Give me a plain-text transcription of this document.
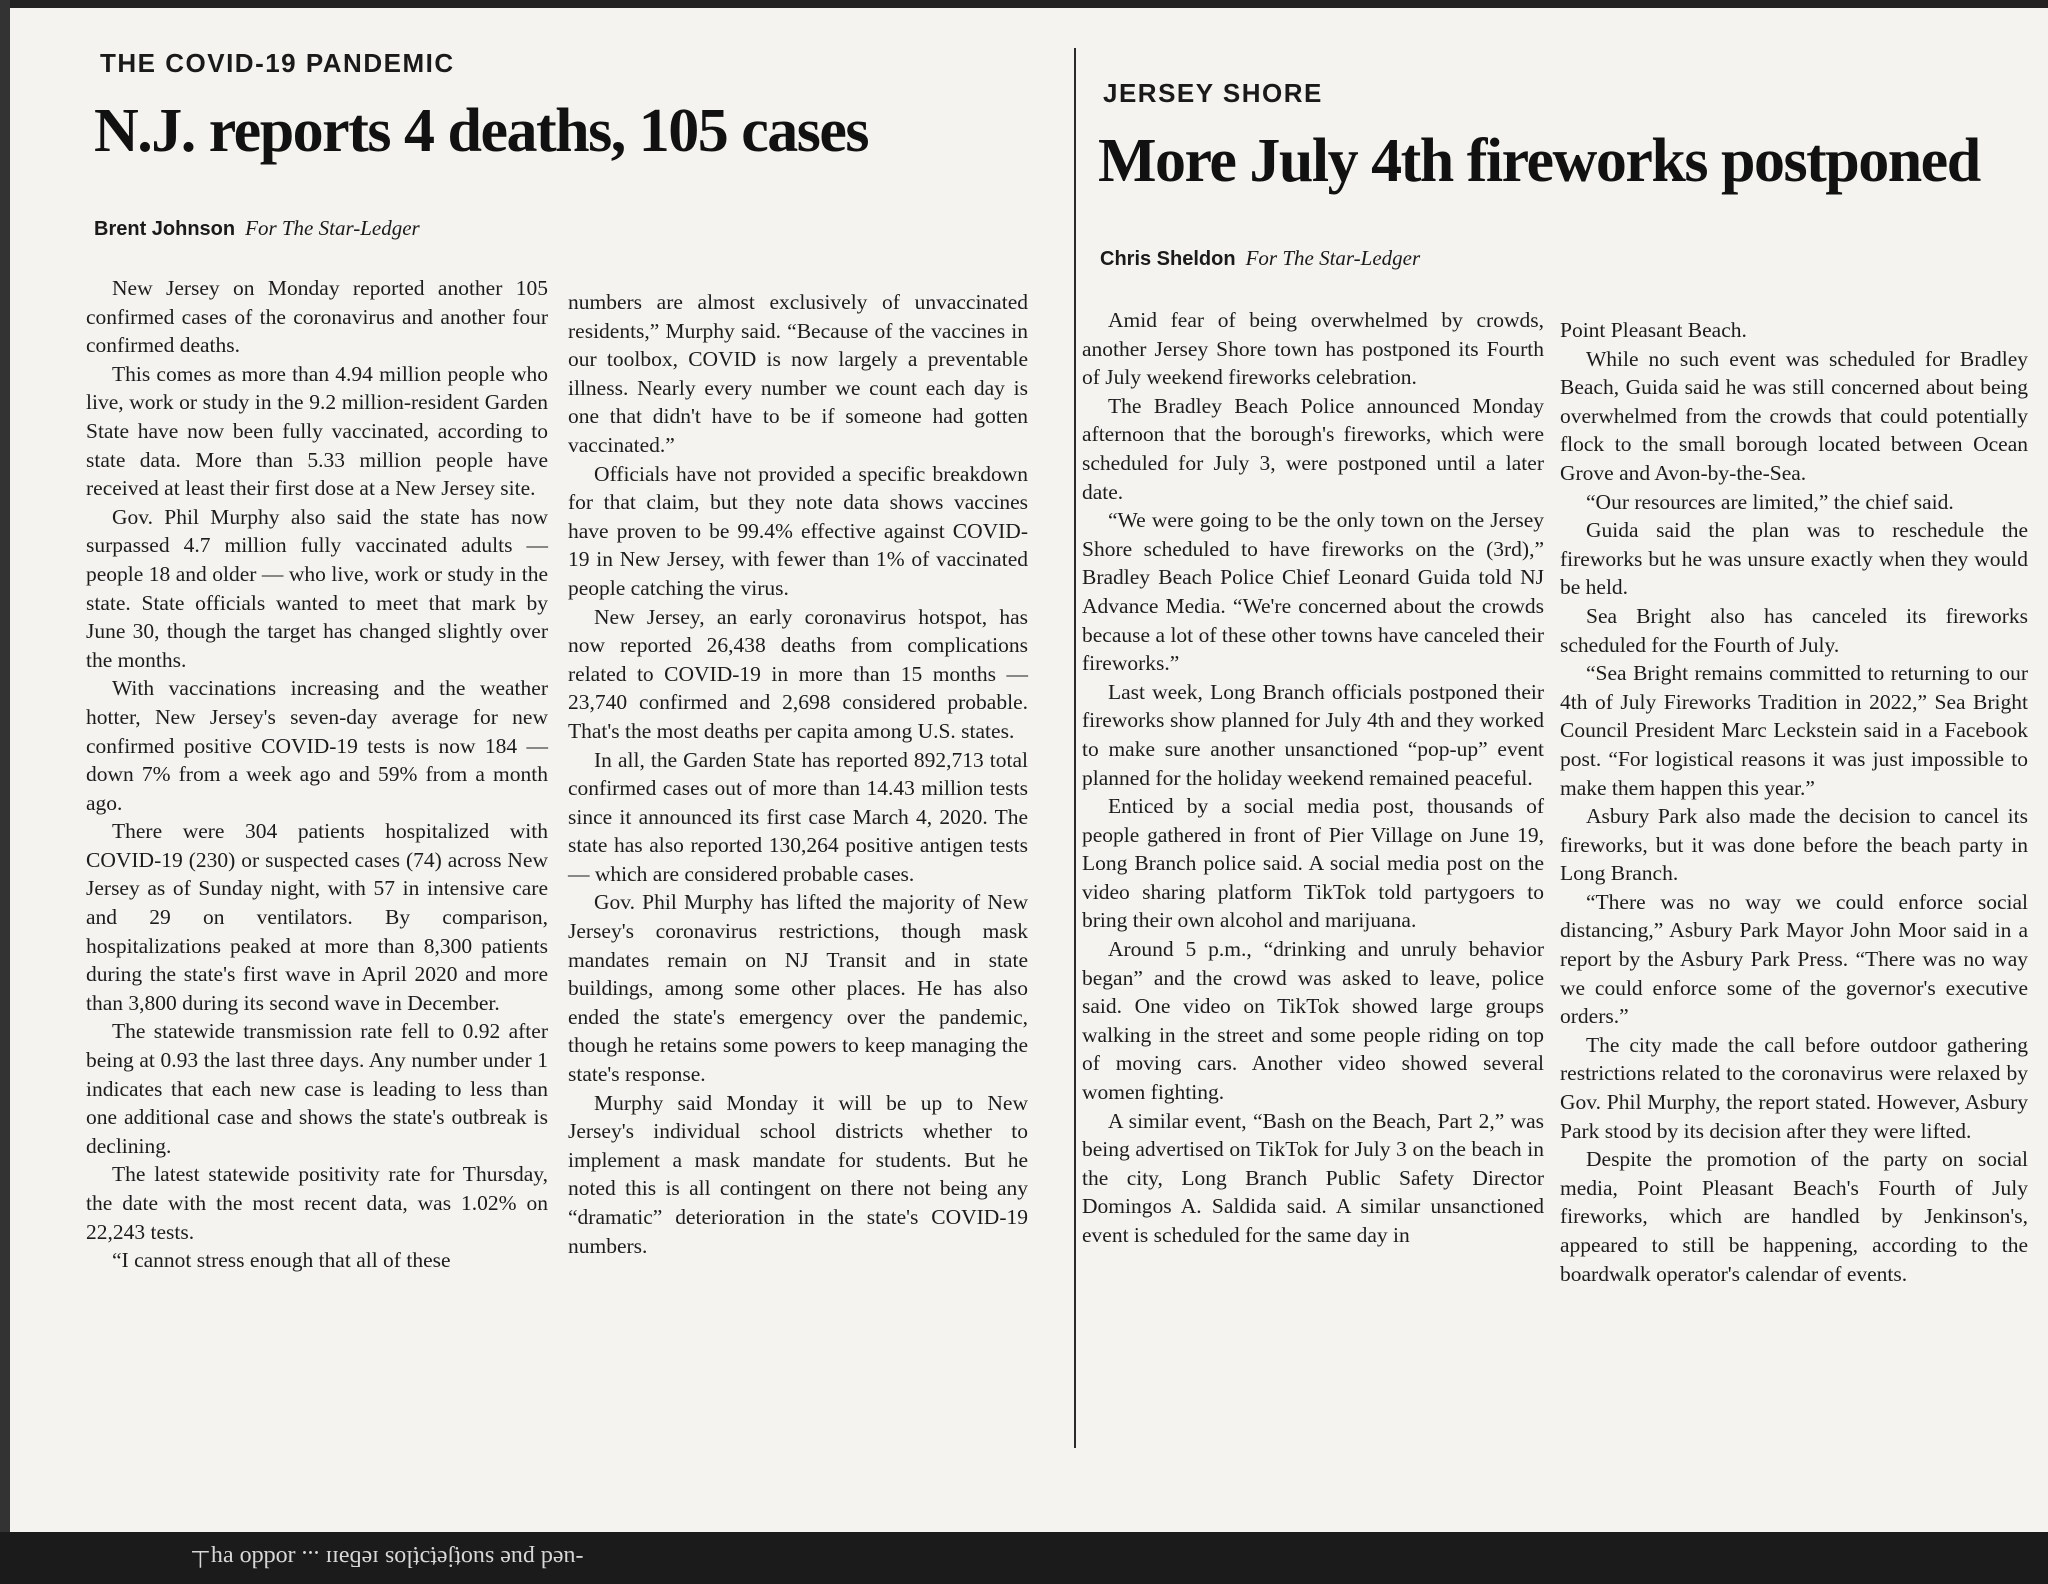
THE COVID-19 PANDEMIC
N.J. reports 4 deaths, 105 cases
Brent Johnson For The Star-Ledger

New Jersey on Monday reported another 105 confirmed cases of the coronavirus and another four confirmed deaths.

This comes as more than 4.94 million people who live, work or study in the 9.2 million-resident Garden State have now been fully vaccinated, according to state data. More than 5.33 million people have received at least their first dose at a New Jersey site.

Gov. Phil Murphy also said the state has now surpassed 4.7 million fully vaccinated adults — people 18 and older — who live, work or study in the state. State officials wanted to meet that mark by June 30, though the target has changed slightly over the months.

With vaccinations increasing and the weather hotter, New Jersey's seven-day average for new confirmed positive COVID-19 tests is now 184 — down 7% from a week ago and 59% from a month ago.

There were 304 patients hospitalized with COVID-19 (230) or suspected cases (74) across New Jersey as of Sunday night, with 57 in intensive care and 29 on ventilators. By comparison, hospitalizations peaked at more than 8,300 patients during the state's first wave in April 2020 and more than 3,800 during its second wave in December.

The statewide transmission rate fell to 0.92 after being at 0.93 the last three days. Any number under 1 indicates that each new case is leading to less than one additional case and shows the state's outbreak is declining.

The latest statewide positivity rate for Thursday, the date with the most recent data, was 1.02% on 22,243 tests.

“I cannot stress enough that all of these

numbers are almost exclusively of unvaccinated residents,” Murphy said. “Because of the vaccines in our toolbox, COVID is now largely a preventable illness. Nearly every number we count each day is one that didn't have to be if someone had gotten vaccinated.”

Officials have not provided a specific breakdown for that claim, but they note data shows vaccines have proven to be 99.4% effective against COVID-19 in New Jersey, with fewer than 1% of vaccinated people catching the virus.

New Jersey, an early coronavirus hotspot, has now reported 26,438 deaths from complications related to COVID-19 in more than 15 months — 23,740 confirmed and 2,698 considered probable. That's the most deaths per capita among U.S. states.

In all, the Garden State has reported 892,713 total confirmed cases out of more than 14.43 million tests since it announced its first case March 4, 2020. The state has also reported 130,264 positive antigen tests — which are considered probable cases.

Gov. Phil Murphy has lifted the majority of New Jersey's coronavirus restrictions, though mask mandates remain on NJ Transit and in state buildings, among some other places. He has also ended the state's emergency over the pandemic, though he retains some powers to keep managing the state's response.

Murphy said Monday it will be up to New Jersey's individual school districts whether to implement a mask mandate for students. But he noted this is all contingent on there not being any “dramatic” deterioration in the state's COVID-19 numbers.

JERSEY SHORE
More July 4th fireworks postponed
Chris Sheldon For The Star-Ledger

Amid fear of being overwhelmed by crowds, another Jersey Shore town has postponed its Fourth of July weekend fireworks celebration.

The Bradley Beach Police announced Monday afternoon that the borough's fireworks, which were scheduled for July 3, were postponed until a later date.

“We were going to be the only town on the Jersey Shore scheduled to have fireworks on the (3rd),” Bradley Beach Police Chief Leonard Guida told NJ Advance Media. “We're concerned about the crowds because a lot of these other towns have canceled their fireworks.”

Last week, Long Branch officials postponed their fireworks show planned for July 4th and they worked to make sure another unsanctioned “pop-up” event planned for the holiday weekend remained peaceful.

Enticed by a social media post, thousands of people gathered in front of Pier Village on June 19, Long Branch police said. A social media post on the video sharing platform TikTok told partygoers to bring their own alcohol and marijuana.

Around 5 p.m., “drinking and unruly behavior began” and the crowd was asked to leave, police said. One video on TikTok showed large groups walking in the street and some people riding on top of moving cars. Another video showed several women fighting.

A similar event, “Bash on the Beach, Part 2,” was being advertised on TikTok for July 3 on the beach in the city, Long Branch Public Safety Director Domingos A. Saldida said. A similar unsanctioned event is scheduled for the same day in

Point Pleasant Beach.

While no such event was scheduled for Bradley Beach, Guida said he was still concerned about being overwhelmed from the crowds that could potentially flock to the small borough located between Ocean Grove and Avon-by-the-Sea.

“Our resources are limited,” the chief said.

Guida said the plan was to reschedule the fireworks but he was unsure exactly when they would be held.

Sea Bright also has canceled its fireworks scheduled for the Fourth of July.

“Sea Bright remains committed to returning to our 4th of July Fireworks Tradition in 2022,” Sea Bright Council President Marc Leckstein said in a Facebook post. “For logistical reasons it was just impossible to make them happen this year.”

Asbury Park also made the decision to cancel its fireworks, but it was done before the beach party in Long Branch.

“There was no way we could enforce social distancing,” Asbury Park Mayor John Moor said in a report by the Asbury Park Press. “There was no way we could enforce some of the governor's executive orders.”

The city made the call before outdoor gathering restrictions related to the coronavirus were relaxed by Gov. Phil Murphy, the report stated. However, Asbury Park stood by its decision after they were lifted.

Despite the promotion of the party on social media, Point Pleasant Beach's Fourth of July fireworks, which are handled by Jenkinson's, appeared to still be happening, according to the boardwalk operator's calendar of events.

-ued pue suoṭjeṭɔṭlos ɪeƃəɪɪ ... ɹoddo ɐɥ⊥
